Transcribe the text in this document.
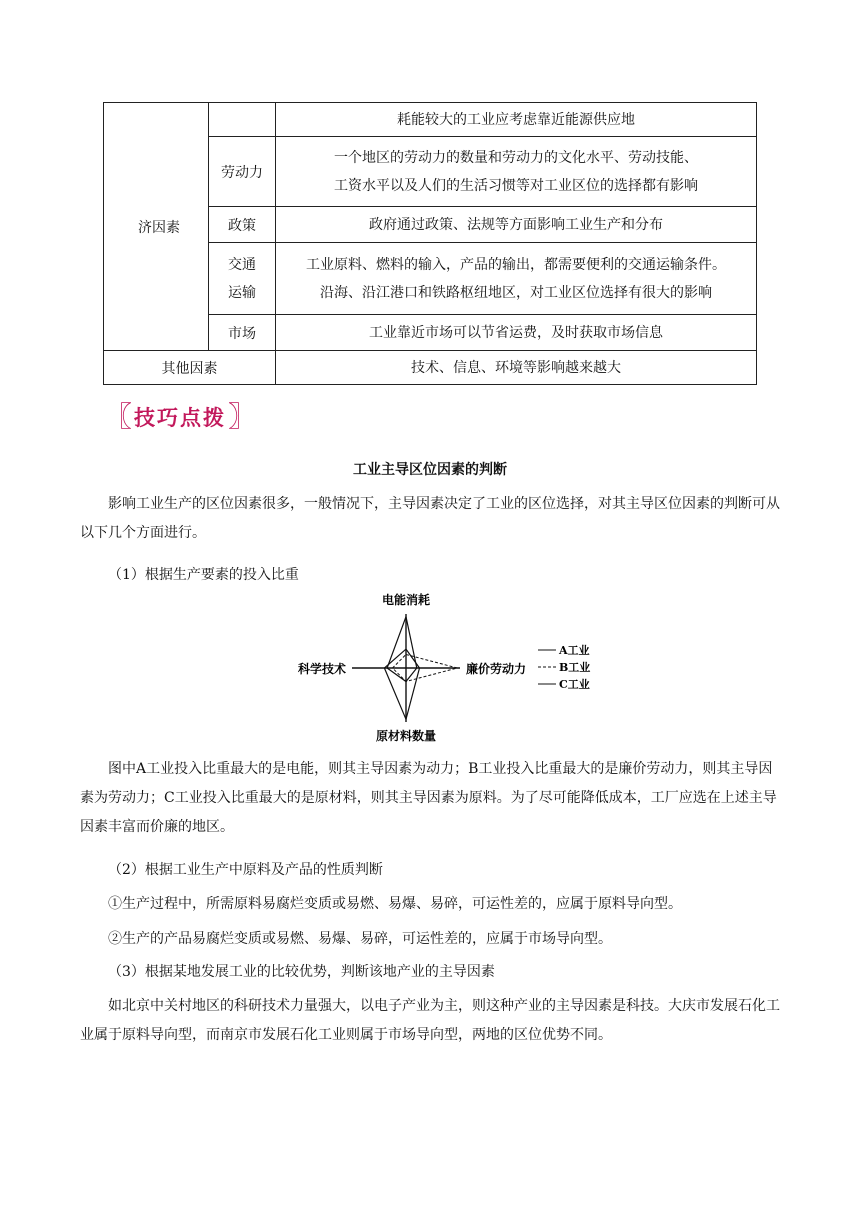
济因素		耗能较大的工业应考虑靠近能源供应地

	劳动力	一个地区的劳动力的数量和劳动力的文化水平、劳动技能、
工资水平以及人们的生活习惯等对工业区位的选择都有影响

	政策	政府通过政策、法规等方面影响工业生产和分布

	交通
运输	工业原料、燃料的输入，产品的输出，都需要便利的交通运输条件。
沿海、沿江港口和铁路枢纽地区，对工业区位选择有很大的影响

	市场	工业靠近市场可以节省运费，及时获取市场信息

其他因素		技术、信息、环境等影响越来越大
〖 技巧点拨 〗
工业主导区位因素的判断

影响工业生产的区位因素很多，一般情况下，主导因素决定了工业的区位选择，对其主导区位因素的判断可从以下几个方面进行。

（1）根据生产要素的投入比重

电能消耗
廉价劳动力
原材料数量
科学技术
A工业
B工业
C工业

图中A工业投入比重最大的是电能，则其主导因素为动力；B工业投入比重最大的是廉价劳动力，则其主导因素为劳动力；C工业投入比重最大的是原材料，则其主导因素为原料。为了尽可能降低成本，工厂应选在上述主导因素丰富而价廉的地区。

（2）根据工业生产中原料及产品的性质判断

①生产过程中，所需原料易腐烂变质或易燃、易爆、易碎，可运性差的，应属于原料导向型。

②生产的产品易腐烂变质或易燃、易爆、易碎，可运性差的，应属于市场导向型。

（3）根据某地发展工业的比较优势，判断该地产业的主导因素

如北京中关村地区的科研技术力量强大，以电子产业为主，则这种产业的主导因素是科技。大庆市发展石化工业属于原料导向型，而南京市发展石化工业则属于市场导向型，两地的区位优势不同。
